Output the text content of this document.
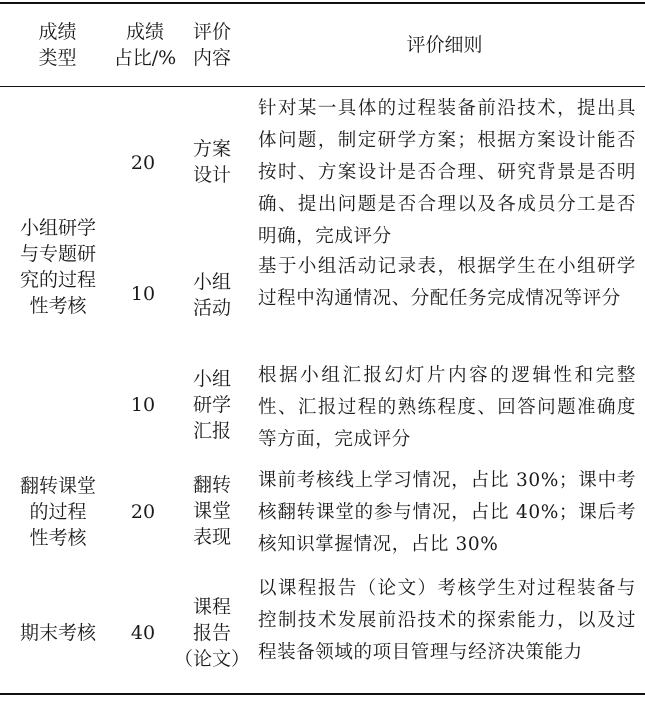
成绩
类型
成绩
占比/%
评价
内容
评价细则
小组研学
与专题研
究的过程
性考核
翻转课堂
的过程
性考核
期末考核
20
方案
设计
针对某一具体的过程装备前沿技术，提出具体问题，制定研学方案；根据方案设计能否按时、方案设计是否合理、研究背景是否明确、提出问题是否合理以及各成员分工是否明确，完成评分
10
小组
活动
基于小组活动记录表，根据学生在小组研学过程中沟通情况、分配任务完成情况等评分
10
小组
研学
汇报
根据小组汇报幻灯片内容的逻辑性和完整性、汇报过程的熟练程度、回答问题准确度等方面，完成评分
20
翻转
课堂
表现
课前考核线上学习情况，占比 30%；课中考核翻转课堂的参与情况，占比 40%；课后考核知识掌握情况，占比 30%
40
课程
报告
（论文）
以课程报告（论文）考核学生对过程装备与控制技术发展前沿技术的探索能力，以及过程装备领域的项目管理与经济决策能力
